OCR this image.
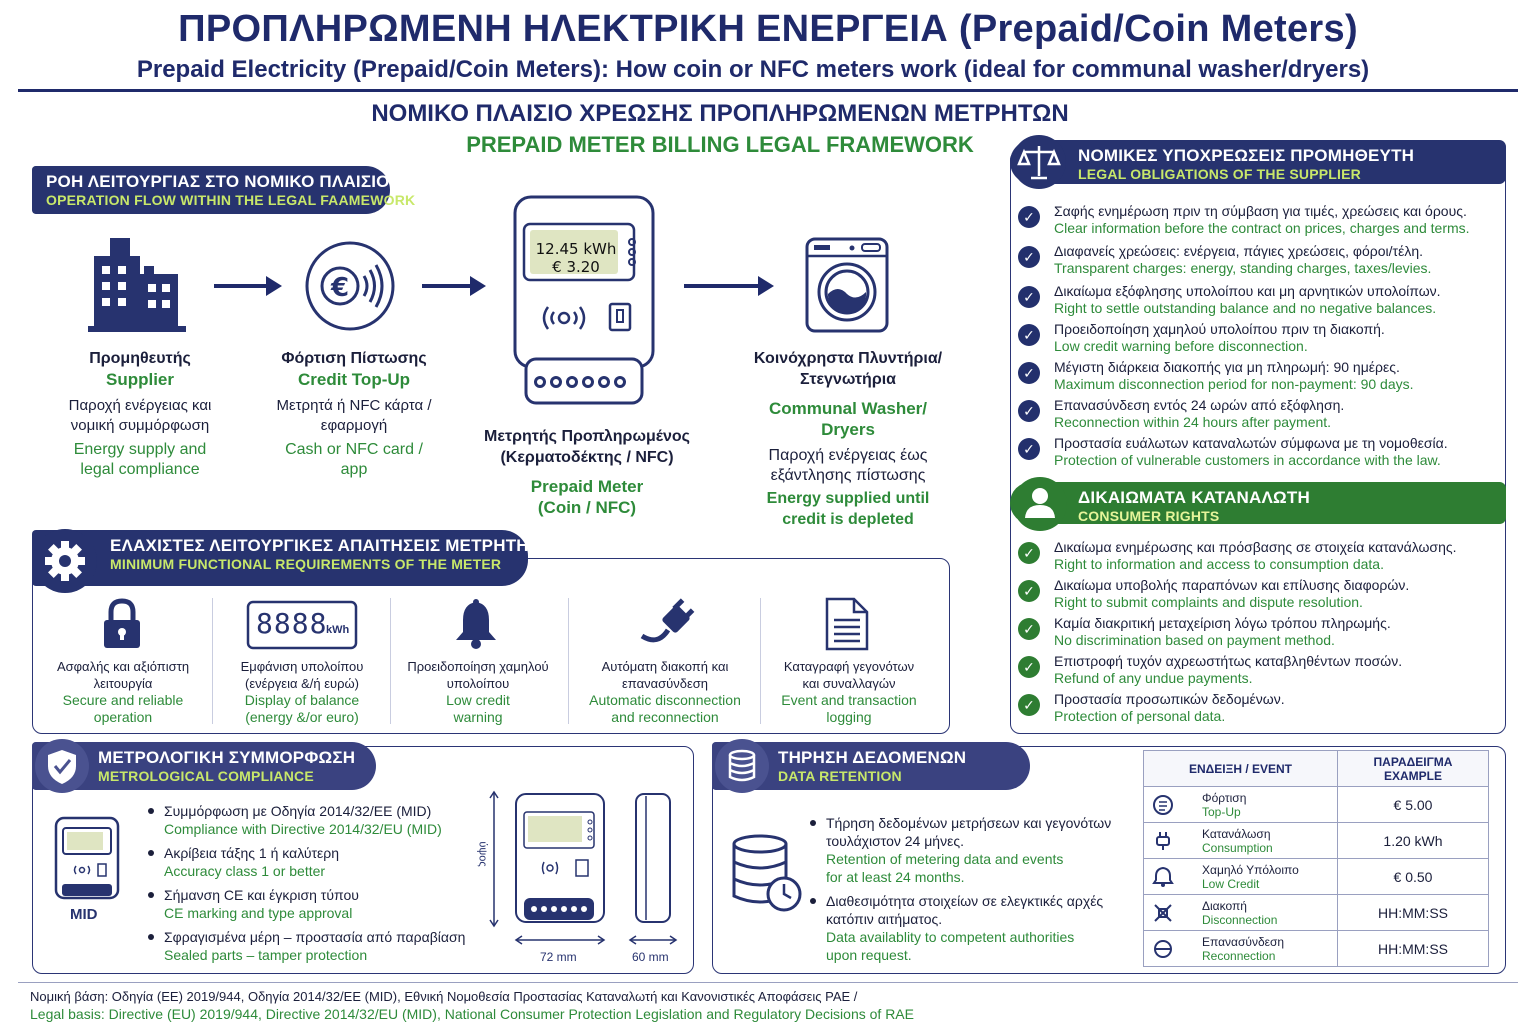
ΠΡΟΠΛΗΡΩΜΕΝΗ ΗΛΕΚΤΡΙΚΗ ΕΝΕΡΓΕΙΑ (Prepaid/Coin Meters)
Prepaid Electricity (Prepaid/Coin Meters): How coin or NFC meters work (ideal for communal washer/dryers)
ΝΟΜΙΚΟ ΠΛΑΙΣΙΟ ΧΡΕΩΣΗΣ ΠΡΟΠΛΗΡΩΜΕΝΩΝ ΜΕΤΡΗΤΩΝ
PREPAID METER BILLING LEGAL FRAMEWORK
ΡΟΗ ΛΕΙΤΟΥΡΓΙΑΣ ΣΤΟ ΝΟΜΙΚΟ ΠΛΑΙΣΙΟ
OPERATION FLOW WITHIN THE LEGAL FAAMEWORK
€
12.45 kWh
€ 3.20
Προμηθευτής
Supplier
Παροχή ενέργειας και
νομική συμμόρφωση
Energy supply and
legal compliance
Φόρτιση Πίστωσης
Credit Top-Up
Μετρητά ή NFC κάρτα /
εφαρμογή
Cash or NFC card /
app
Μετρητής Προπληρωμένος
(Κερματοδέκτης / NFC)
Prepaid Meter
(Coin / NFC)
Κοινόχρηστα Πλυντήρια/
Στεγνωτήρια
Communal Washer/
Dryers
Παροχή ενέργειας έως
εξάντλησης πίστωσης
Energy supplied until
credit is depleted
ΕΛΑΧΙΣΤΕΣ ΛΕΙΤΟΥΡΓΙΚΕΣ ΑΠΑΙΤΗΣΕΙΣ ΜΕΤΡΗΤΗ
MINIMUM FUNCTIONAL REQUIREMENTS OF THE METER
8888
kWh
Ασφαλής και αξιόπιστη
λειτουργία
Secure and reliable
operation
Εμφάνιση υπολοίπου
(ενέργεια &/ή ευρώ)
Display of balance
(energy &/or euro)
Προειδοποίηση χαμηλού
υπολοίπου
Low credit
warning
Αυτόματη διακοπή και
επανασύνδεση
Automatic disconnection
and reconnection
Καταγραφή γεγονότων
και συναλλαγών
Event and transaction
logging
ΝΟΜΙΚΕΣ ΥΠΟΧΡΕΩΣΕΙΣ ΠΡΟΜΗΘΕΥΤΗ
LEGAL OBLIGATIONS OF THE SUPPLIER
✓	Σαφής ενημέρωση πριν τη σύμβαση για τιμές, χρεώσεις και όρους.
Clear information before the contract on prices, charges and terms.
✓	Διαφανείς χρεώσεις: ενέργεια, πάγιες χρεώσεις, φόροι/τέλη.
Transparent charges: energy, standing charges, taxes/levies.
✓	Δικαίωμα εξόφλησης υπολοίπου και μη αρνητικών υπολοίπων.
Right to settle outstanding balance and no negative balances.
✓	Προειδοποίηση χαμηλού υπολοίπου πριν τη διακοπή.
Low credit warning before disconnection.
✓	Μέγιστη διάρκεια διακοπής για μη πληρωμή: 90 ημέρες.
Maximum disconnection period for non-payment: 90 days.
✓	Επανασύνδεση εντός 24 ωρών από εξόφληση.
Reconnection within 24 hours after payment.
✓	Προστασία ευάλωτων καταναλωτών σύμφωνα με τη νομοθεσία.
Protection of vulnerable customers in accordance with the law.
ΔΙΚΑΙΩΜΑΤΑ ΚΑΤΑΝΑΛΩΤΗ
CONSUMER RIGHTS
✓	Δικαίωμα ενημέρωσης και πρόσβασης σε στοιχεία κατανάλωσης.
Right to information and access to consumption data.
✓	Δικαίωμα υποβολής παραπόνων και επίλυσης διαφορών.
Right to submit complaints and dispute resolution.
✓	Καμία διακριτική μεταχείριση λόγω τρόπου πληρωμής.
No discrimination based on payment method.
✓	Επιστροφή τυχόν αχρεωστήτως καταβληθέντων ποσών.
Refund of any undue payments.
✓	Προστασία προσωπικών δεδομένων.
Protection of personal data.
ΜΕΤΡΟΛΟΓΙΚΗ ΣΥΜΜΟΡΦΩΣΗ
METROLOGICAL COMPLIANCE
MID
Συμμόρφωση με Οδηγία 2014/32/ΕΕ (MID)
Compliance with Directive 2014/32/EU (MID)
Ακρίβεια τάξης 1 ή καλύτερη
Accuracy class 1 or better
Σήμανση CE και έγκριση τύπου
CE marking and type approval
Σφραγισμένα μέρη – προστασία από παραβίαση
Sealed parts – tamper protection
ύψος
72 mm	60 mm
ΤΗΡΗΣΗ ΔΕΔΟΜΕΝΩΝ
DATA RETENTION
Τήρηση δεδομένων μετρήσεων και γεγονότων
τουλάχιστον 24 μήνες.
Retention of metering data and events
for at least 24 months.
Διαθεσιμότητα στοιχείων σε ελεγκτικές αρχές
κατόπιν αιτήματος.
Data availablity to competent authorities
upon request.
ΕΝΔΕΙΞΗ / EVENT	ΠΑΡΑΔΕΙΓΜΑ
EXAMPLE

Φόρτιση
Top-Up	€ 5.00

Κατανάλωση
Consumption	1.20 kWh

Χαμηλό Υπόλοιπο
Low Credit	€ 0.50

Διακοπή
Disconnection	HH:MM:SS

Επανασύνδεση
Reconnection	HH:MM:SS
Νομική βάση: Οδηγία (ΕΕ) 2019/944, Οδηγία 2014/32/ΕΕ (MID), Εθνική Νομοθεσία Προστασίας Καταναλωτή και Κανονιστικές Αποφάσεις ΡΑΕ /
Legal basis: Directive (EU) 2019/944, Directive 2014/32/EU (MID), National Consumer Protection Legislation and Regulatory Decisions of RAE
